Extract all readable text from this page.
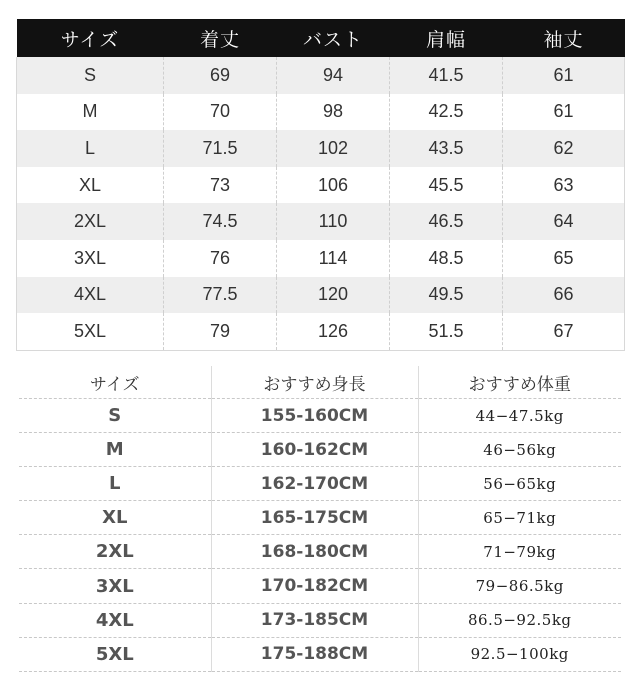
サイズ	着丈	バスト	肩幅	袖丈
S	69	94	41.5	61
M	70	98	42.5	61
L	71.5	102	43.5	62
XL	73	106	45.5	63
2XL	74.5	110	46.5	64
3XL	76	114	48.5	65
4XL	77.5	120	49.5	66
5XL	79	126	51.5	67
サイズ	おすすめ身長	おすすめ体重
S	155-160CM	44−47.5kg
M	160-162CM	46−56kg
L	162-170CM	56−65kg
XL	165-175CM	65−71kg
2XL	168-180CM	71−79kg
3XL	170-182CM	79−86.5kg
4XL	173-185CM	86.5−92.5kg
5XL	175-188CM	92.5−100kg
